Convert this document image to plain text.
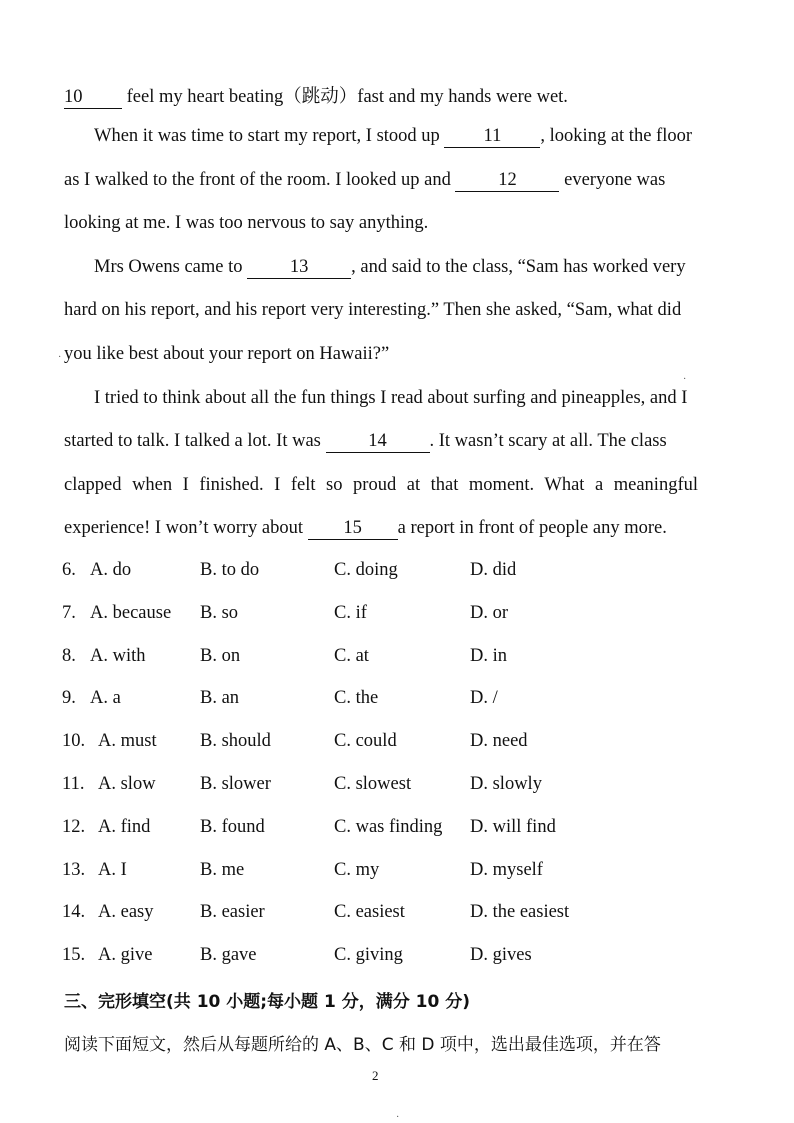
10 feel my heart beating（跳动）fast and my hands were wet.
When it was time to start my report, I stood up 11 , looking at the floor
as I walked to the front of the room. I looked up and 12 everyone was
looking at me. I was too nervous to say anything.
Mrs Owens came to 13 , and said to the class, “Sam has worked very
hard on his report, and his report very interesting.” Then she asked, “Sam, what did
you like best about your report on Hawaii?”
I tried to think about all the fun things I read about surfing and pineapples, and I
started to talk. I talked a lot. It was 14 . It wasn’t scary at all. The class
clapped when I finished. I felt so proud at that moment. What a meaningful
experience! I won’t worry about 15 a report in front of people any more.
6. A. do	B. to do	C. doing	D. did
7. A. because B. so	C. if	D. or
8. A. with	B. on	C. at	D. in
9. A. a	B. an	C. the	D. /
10. A. must B. should	C. could	D. need
11. A. slow B. slower	C. slowest	D. slowly
12. A. find	B. found	C. was finding D. will find
13. A. I	B. me	C. my	D. myself
14. A. easy	B. easier	C. easiest	D. the easiest
15. A. give	B. gave	C. giving	D. gives
三、完形填空(共 10 小题;每小题 1 分，满分 10 分)
阅读下面短文，然后从每题所给的 A、B、C 和 D 项中，选出最佳选项，并在答
2
·
·
·
